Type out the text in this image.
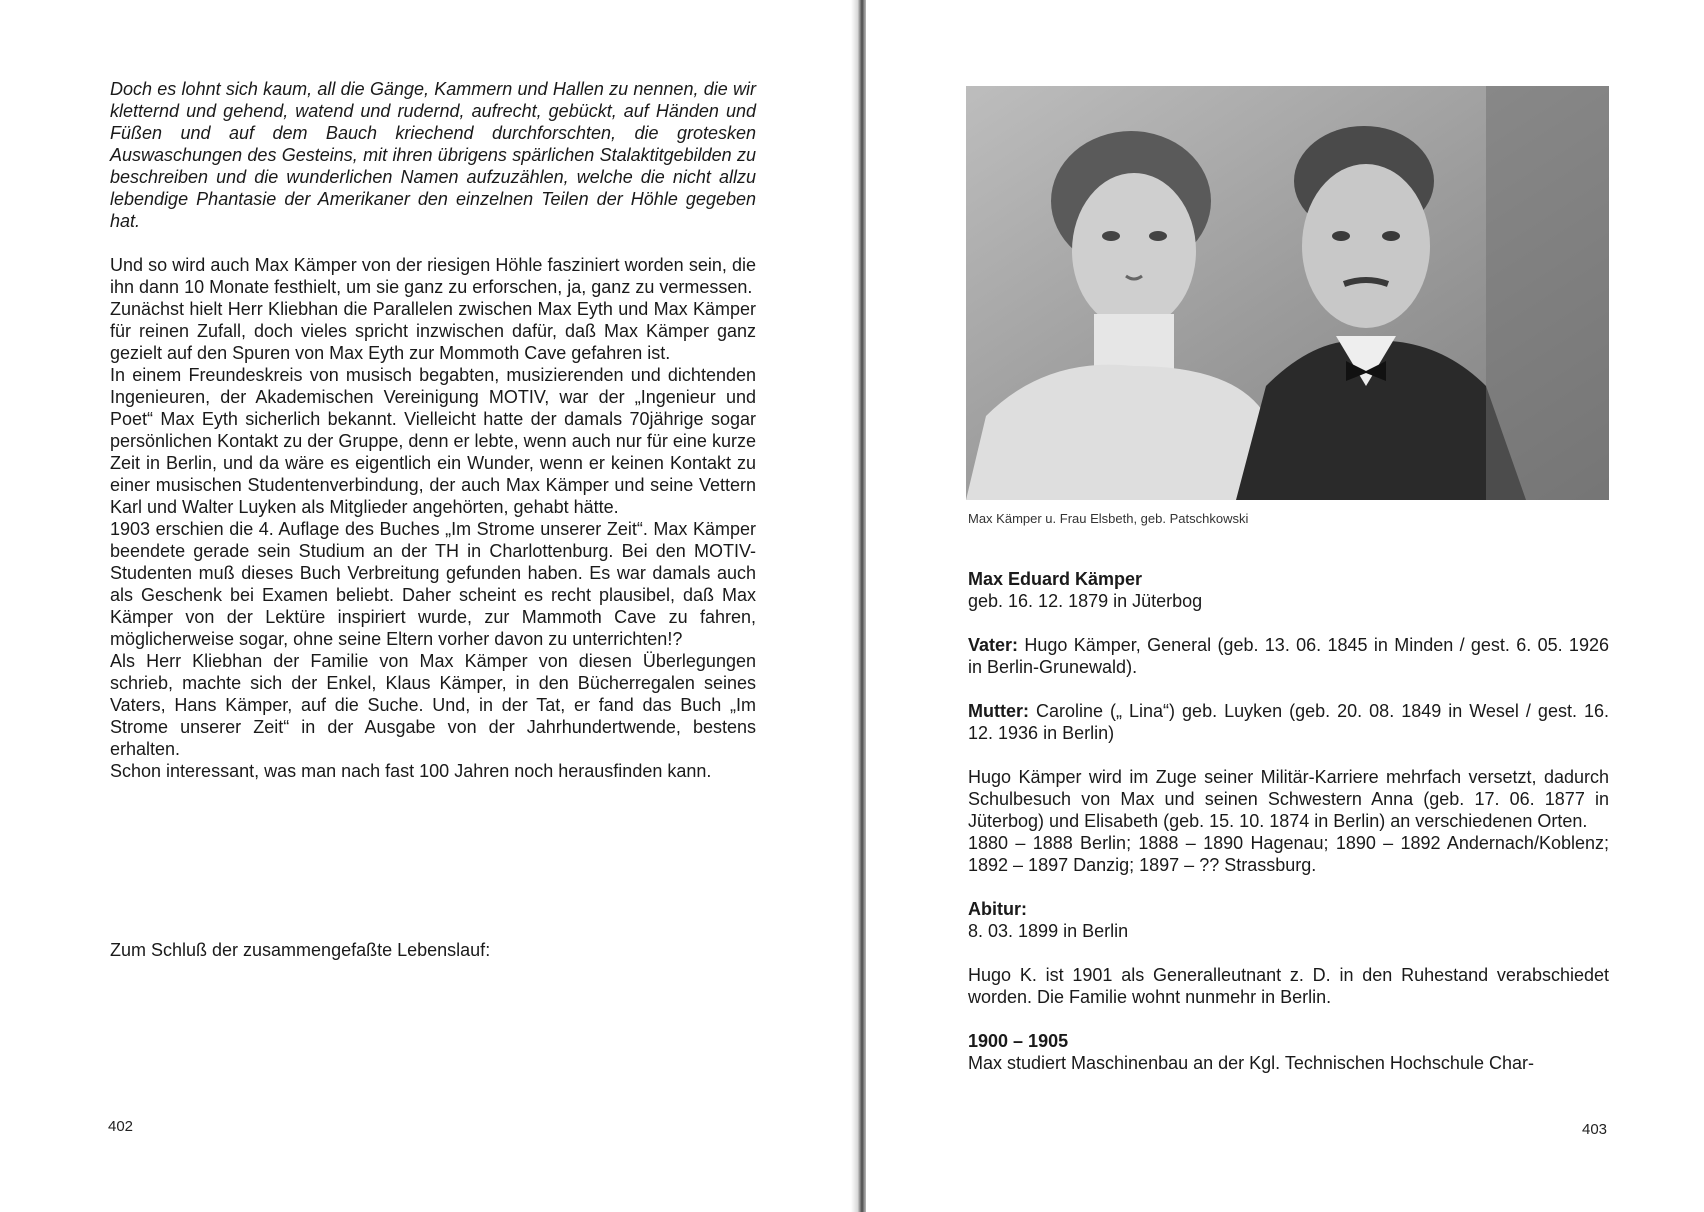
Doch es lohnt sich kaum, all die Gänge, Kammern und Hallen zu nennen, die wir kletternd und gehend, watend und rudernd, aufrecht, gebückt, auf Händen und Füßen und auf dem Bauch kriechend durchforschten, die grotesken Auswaschungen des Gesteins, mit ihren übrigens spärlichen Stalaktitgebilden zu beschreiben und die wunderlichen Namen aufzuzählen, welche die nicht allzu lebendige Phantasie der Amerikaner den einzelnen Teilen der Höhle gegeben hat.

Und so wird auch Max Kämper von der riesigen Höhle fasziniert worden sein, die ihn dann 10 Monate festhielt, um sie ganz zu erforschen, ja, ganz zu vermessen.

Zunächst hielt Herr Kliebhan die Parallelen zwischen Max Eyth und Max Kämper für reinen Zufall, doch vieles spricht inzwischen dafür, daß Max Kämper ganz gezielt auf den Spuren von Max Eyth zur Mommoth Cave gefahren ist.

In einem Freundeskreis von musisch begabten, musizierenden und dichtenden Ingenieuren, der Akademischen Vereinigung MOTIV, war der „Ingenieur und Poet“ Max Eyth sicherlich bekannt. Vielleicht hatte der damals 70jährige sogar persönlichen Kontakt zu der Gruppe, denn er lebte, wenn auch nur für eine kurze Zeit in Berlin, und da wäre es eigentlich ein Wunder, wenn er keinen Kontakt zu einer musischen Studentenverbindung, der auch Max Kämper und seine Vettern Karl und Walter Luyken als Mitglieder angehörten, gehabt hätte.

1903 erschien die 4. Auflage des Buches „Im Strome unserer Zeit“. Max Kämper beendete gerade sein Studium an der TH in Charlottenburg. Bei den MOTIV-Studenten muß dieses Buch Verbreitung gefunden haben. Es war damals auch als Geschenk bei Examen beliebt. Daher scheint es recht plausibel, daß Max Kämper von der Lektüre inspiriert wurde, zur Mammoth Cave zu fahren, möglicherweise sogar, ohne seine Eltern vorher davon zu unterrichten!?

Als Herr Kliebhan der Familie von Max Kämper von diesen Überlegungen schrieb, machte sich der Enkel, Klaus Kämper, in den Bücherregalen seines Vaters, Hans Kämper, auf die Suche. Und, in der Tat, er fand das Buch „Im Strome unserer Zeit“ in der Ausgabe von der Jahrhundertwende, bestens erhalten.

Schon interessant, was man nach fast 100 Jahren noch herausfinden kann.

Zum Schluß der zusammengefaßte Lebenslauf:
402
Max Kämper u. Frau Elsbeth, geb. Patschkowski

Max Eduard Kämper

geb. 16. 12. 1879 in Jüterbog

Vater: Hugo Kämper, General (geb. 13. 06. 1845 in Minden / gest. 6. 05. 1926 in Berlin-Grunewald).

Mutter: Caroline („ Lina“) geb. Luyken (geb. 20. 08. 1849 in Wesel / gest. 16. 12. 1936 in Berlin)

Hugo Kämper wird im Zuge seiner Militär-Karriere mehrfach versetzt, dadurch Schulbesuch von Max und seinen Schwestern Anna (geb. 17. 06. 1877 in Jüterbog) und Elisabeth (geb. 15. 10. 1874 in Berlin) an verschiedenen Orten.

1880 – 1888 Berlin; 1888 – 1890 Hagenau; 1890 – 1892 Andernach/Koblenz; 1892 – 1897 Danzig; 1897 – ?? Strassburg.

Abitur:

8. 03. 1899 in Berlin

Hugo K. ist 1901 als Generalleutnant z. D. in den Ruhestand verabschiedet worden. Die Familie wohnt nunmehr in Berlin.

1900 – 1905

Max studiert Maschinenbau an der Kgl. Technischen Hochschule Char-

403
